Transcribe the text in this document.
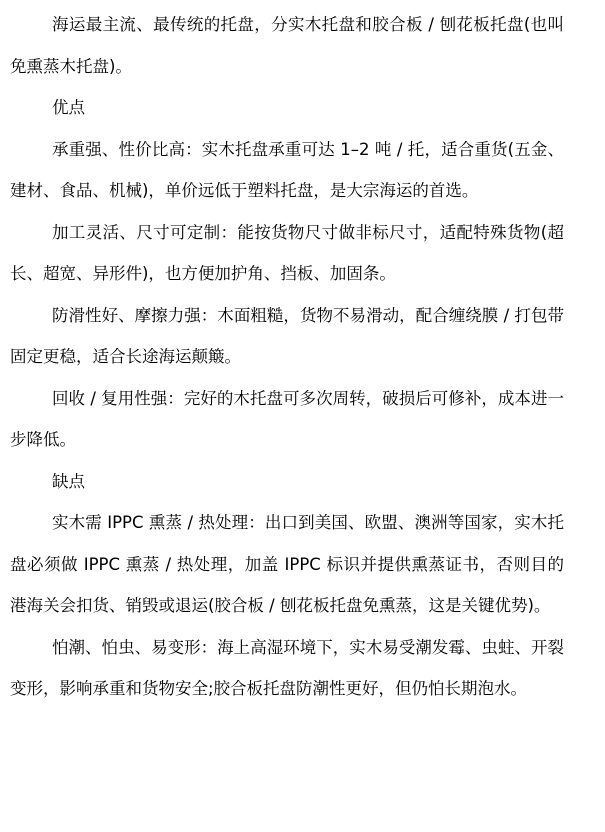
海运最主流、最传统的托盘，分实木托盘和胶合板 / 刨花板托盘(也叫免熏蒸木托盘)。

优点

承重强、性价比高：实木托盘承重可达 1–2 吨 / 托，适合重货(五金、建材、食品、机械)，单价远低于塑料托盘，是大宗海运的首选。

加工灵活、尺寸可定制：能按货物尺寸做非标尺寸，适配特殊货物(超长、超宽、异形件)，也方便加护角、挡板、加固条。

防滑性好、摩擦力强：木面粗糙，货物不易滑动，配合缠绕膜 / 打包带固定更稳，适合长途海运颠簸。

回收 / 复用性强：完好的木托盘可多次周转，破损后可修补，成本进一步降低。

缺点

实木需 IPPC 熏蒸 / 热处理：出口到美国、欧盟、澳洲等国家，实木托盘必须做 IPPC 熏蒸 / 热处理，加盖 IPPC 标识并提供熏蒸证书，否则目的港海关会扣货、销毁或退运(胶合板 / 刨花板托盘免熏蒸，这是关键优势)。

怕潮、怕虫、易变形：海上高湿环境下，实木易受潮发霉、虫蛀、开裂变形，影响承重和货物安全;胶合板托盘防潮性更好，但仍怕长期泡水。
